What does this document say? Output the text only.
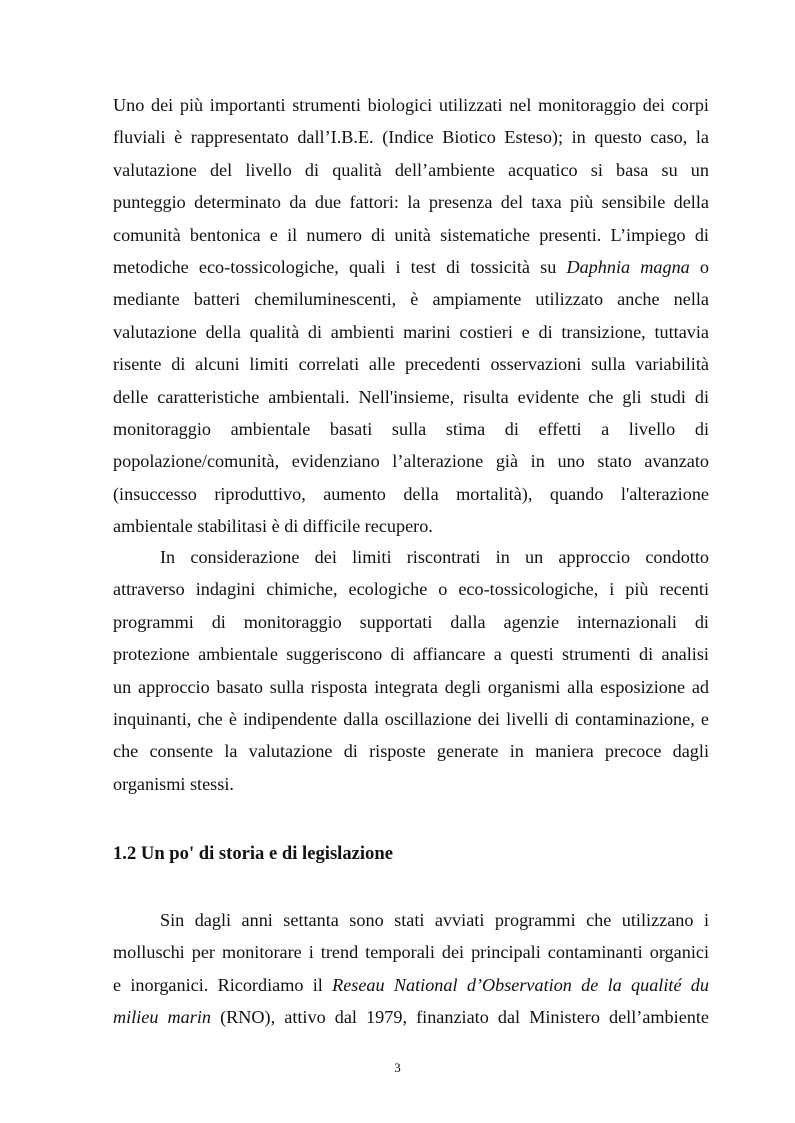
Uno dei più importanti strumenti biologici utilizzati nel monitoraggio dei corpi
fluviali è rappresentato dall’I.B.E. (Indice Biotico Esteso); in questo caso, la
valutazione del livello di qualità dell’ambiente acquatico si basa su un
punteggio determinato da due fattori: la presenza del taxa più sensibile della
comunità bentonica e il numero di unità sistematiche presenti. L’impiego di
metodiche eco-tossicologiche, quali i test di tossicità su Daphnia magna o
mediante batteri chemiluminescenti, è ampiamente utilizzato anche nella
valutazione della qualità di ambienti marini costieri e di transizione, tuttavia
risente di alcuni limiti correlati alle precedenti osservazioni sulla variabilità
delle caratteristiche ambientali. Nell'insieme, risulta evidente che gli studi di
monitoraggio ambientale basati sulla stima di effetti a livello di
popolazione/comunità, evidenziano l’alterazione già in uno stato avanzato
(insuccesso riproduttivo, aumento della mortalità), quando l'alterazione
ambientale stabilitasi è di difficile recupero.

In considerazione dei limiti riscontrati in un approccio condotto
attraverso indagini chimiche, ecologiche o eco-tossicologiche, i più recenti
programmi di monitoraggio supportati dalla agenzie internazionali di
protezione ambientale suggeriscono di affiancare a questi strumenti di analisi
un approccio basato sulla risposta integrata degli organismi alla esposizione ad
inquinanti, che è indipendente dalla oscillazione dei livelli di contaminazione, e
che consente la valutazione di risposte generate in maniera precoce dagli
organismi stessi.

1.2 Un po' di storia e di legislazione

Sin dagli anni settanta sono stati avviati programmi che utilizzano i
molluschi per monitorare i trend temporali dei principali contaminanti organici
e inorganici. Ricordiamo il Reseau National d’Observation de la qualité du
milieu marin (RNO), attivo dal 1979, finanziato dal Ministero dell’ambiente

3
